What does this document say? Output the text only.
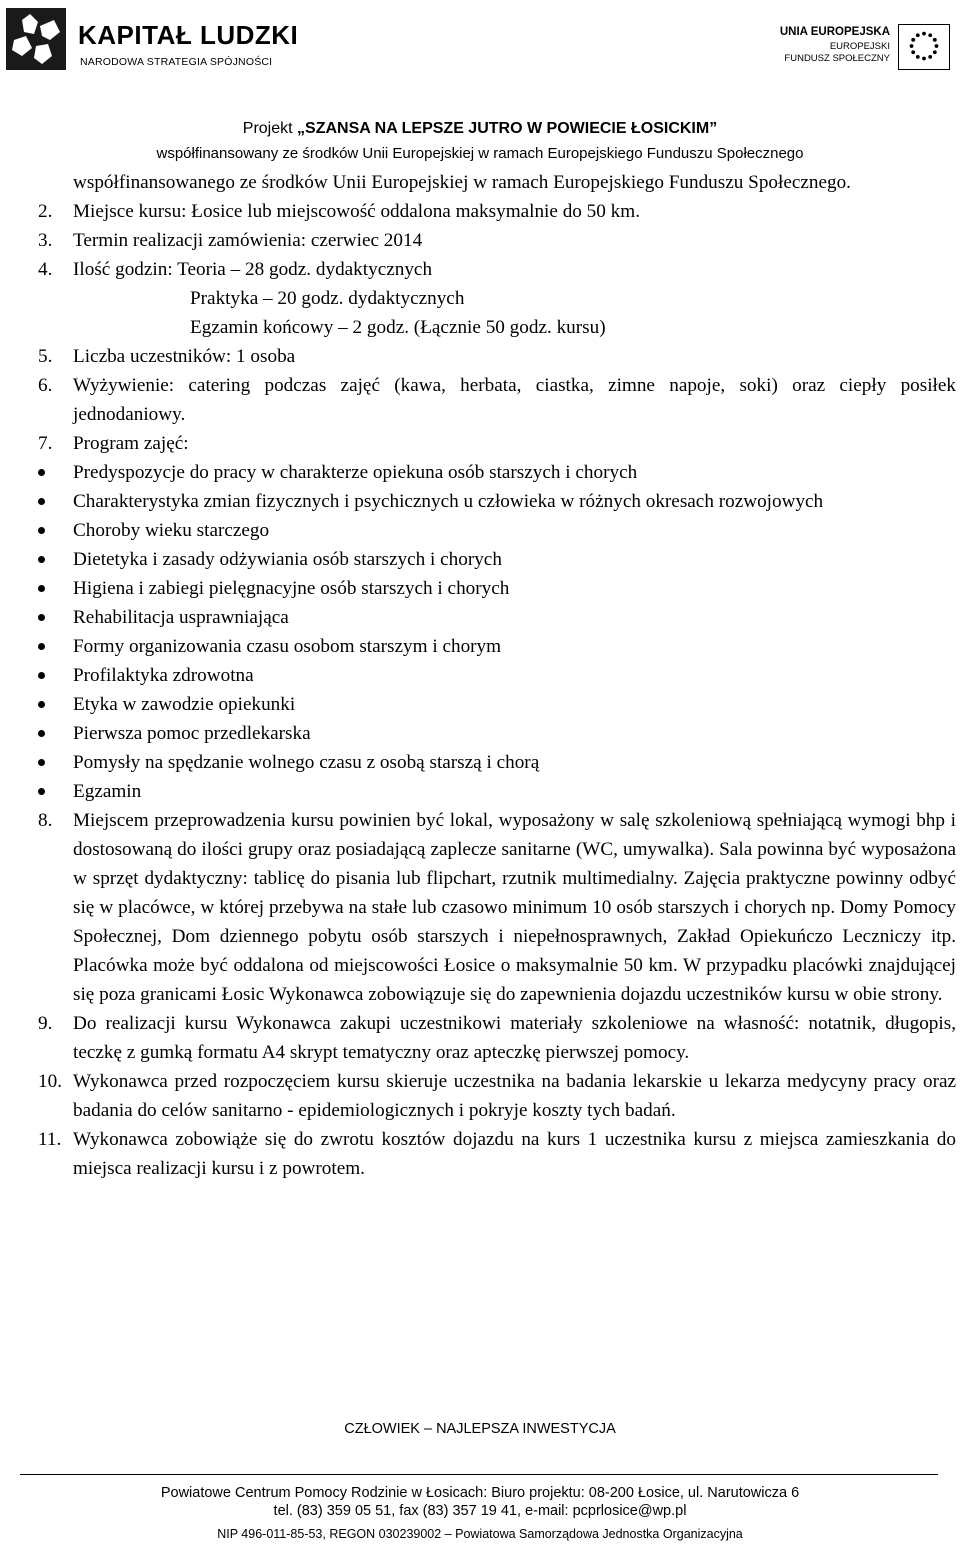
KAPITAŁ LUDZKI
NARODOWA STRATEGIA SPÓJNOŚCI
UNIA EUROPEJSKA
EUROPEJSKI
FUNDUSZ SPOŁECZNY
Projekt „SZANSA NA LEPSZE JUTRO W POWIECIE ŁOSICKIM”
współfinansowany ze środków Unii Europejskiej w ramach Europejskiego Funduszu Społecznego

współfinansowanego ze środków Unii Europejskiej w ramach Europejskiego Funduszu Społecznego.

2.	Miejsce kursu: Łosice lub miejscowość oddalona maksymalnie do 50 km.
3.	Termin realizacji zamówienia: czerwiec 2014
4.	Ilość godzin: Teoria – 28 godz. dydaktycznych
Praktyka – 20 godz. dydaktycznych
Egzamin końcowy – 2 godz. (Łącznie 50 godz. kursu)
5.	Liczba uczestników: 1 osoba
6.	Wyżywienie: catering podczas zajęć (kawa, herbata, ciastka, zimne napoje, soki) oraz ciepły posiłek jednodaniowy.
7.	Program zajęć:
Predyspozycje do pracy w charakterze opiekuna osób starszych i chorych
Charakterystyka zmian fizycznych i psychicznych u człowieka w różnych okresach rozwojowych
Choroby wieku starczego
Dietetyka i zasady odżywiania osób starszych i chorych
Higiena i zabiegi pielęgnacyjne osób starszych i chorych
Rehabilitacja usprawniająca
Formy organizowania czasu osobom starszym i chorym
Profilaktyka zdrowotna
Etyka w zawodzie opiekunki
Pierwsza pomoc przedlekarska
Pomysły na spędzanie wolnego czasu z osobą starszą i chorą
Egzamin
8.	Miejscem przeprowadzenia kursu powinien być lokal, wyposażony w salę szkoleniową spełniającą wymogi bhp i dostosowaną do ilości grupy oraz posiadającą zaplecze sanitarne (WC, umywalka). Sala powinna być wyposażona w sprzęt dydaktyczny: tablicę do pisania lub flipchart, rzutnik multimedialny. Zajęcia praktyczne powinny odbyć się w placówce, w której przebywa na stałe lub czasowo minimum 10 osób starszych i chorych np. Domy Pomocy Społecznej, Dom dziennego pobytu osób starszych i niepełnosprawnych, Zakład Opiekuńczo Leczniczy itp. Placówka może być oddalona od miejscowości Łosice o maksymalnie 50 km. W przypadku placówki znajdującej się poza granicami Łosic Wykonawca zobowiązuje się do zapewnienia dojazdu uczestników kursu w obie strony.
9.	Do realizacji kursu Wykonawca zakupi uczestnikowi materiały szkoleniowe na własność: notatnik, długopis, teczkę z gumką formatu A4 skrypt tematyczny oraz apteczkę pierwszej pomocy.
10. Wykonawca przed rozpoczęciem kursu skieruje uczestnika na badania lekarskie u lekarza medycyny pracy oraz badania do celów sanitarno - epidemiologicznych i pokryje koszty tych badań.
11. Wykonawca zobowiąże się do zwrotu kosztów dojazdu na kurs 1 uczestnika kursu z miejsca zamieszkania do miejsca realizacji kursu i z powrotem.
CZŁOWIEK – NAJLEPSZA INWESTYCJA
Powiatowe Centrum Pomocy Rodzinie w Łosicach: Biuro projektu: 08-200 Łosice, ul. Narutowicza 6
tel. (83) 359 05 51, fax (83) 357 19 41, e-mail: pcprlosice@wp.pl
NIP 496-011-85-53, REGON 030239002 – Powiatowa Samorządowa Jednostka Organizacyjna
